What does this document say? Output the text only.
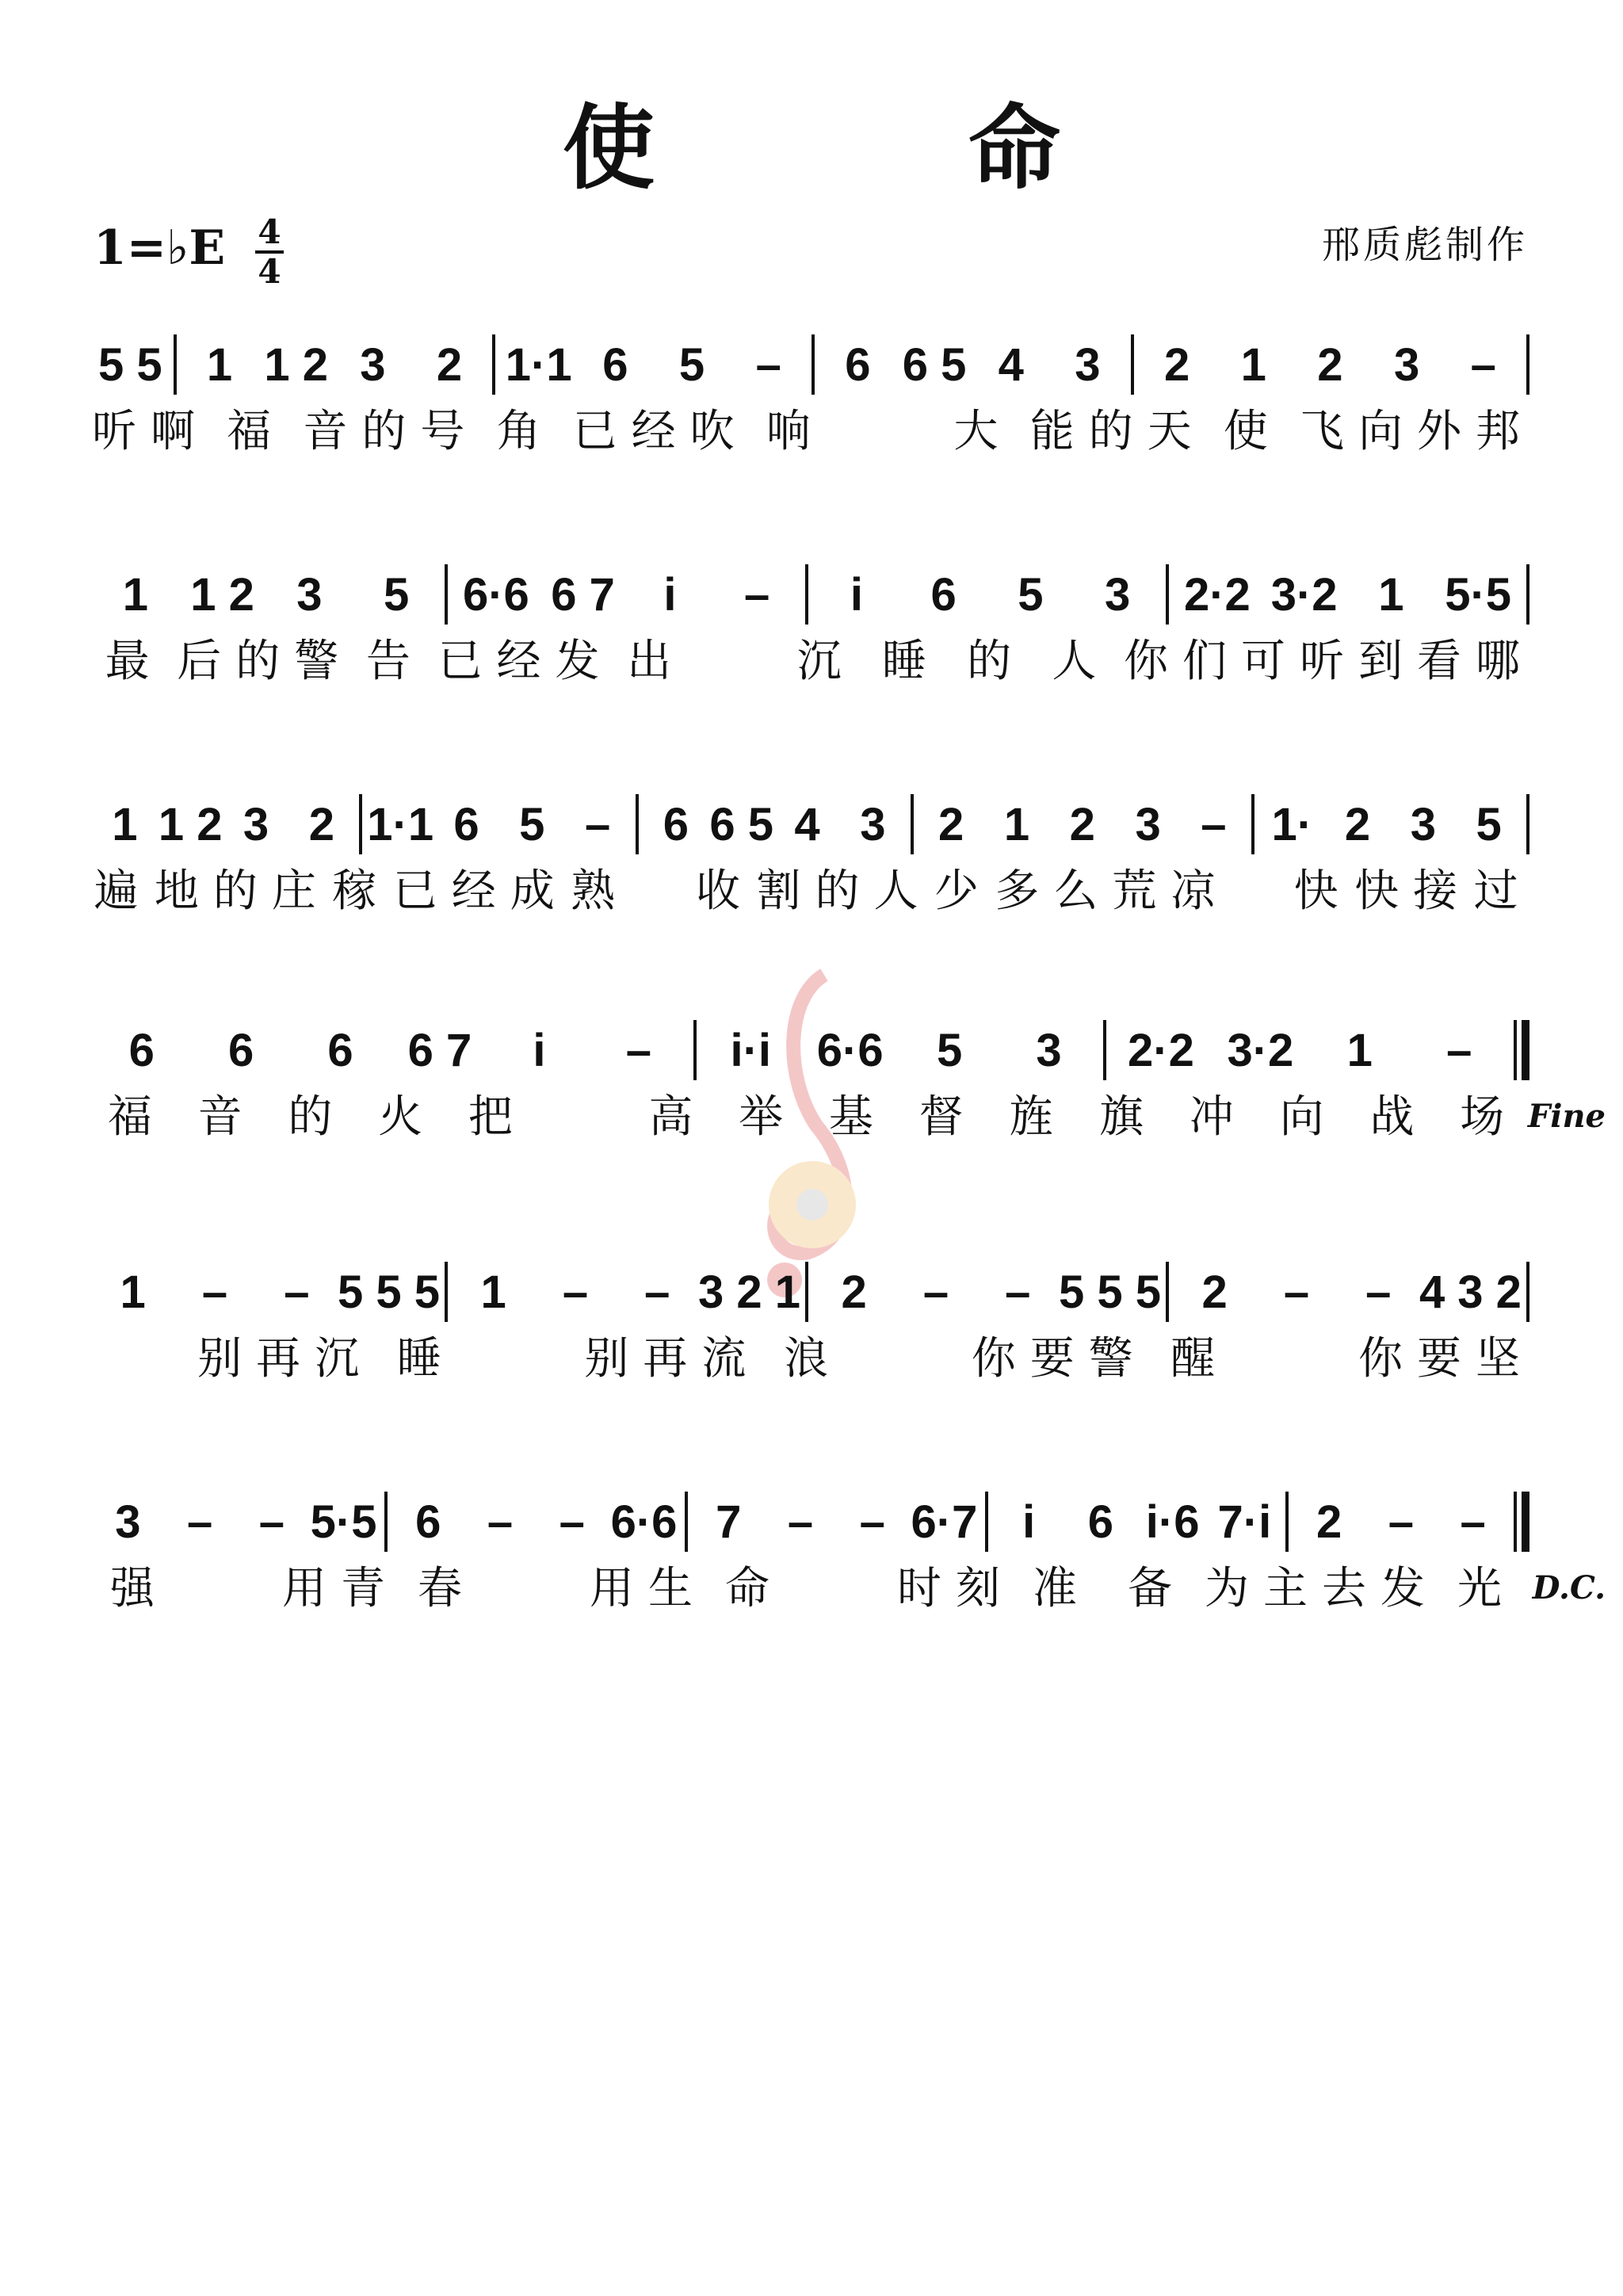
使　命
1=♭E 4
4
邢质彪制作
5 5 1 1 2 3	2 1·1 6	5	–	6 6 5 4	3	2	1	2	3	–
听啊 福 音的号 角 已经吹 响	大 能的天 使 飞向 外邦
1 1 2 3	5	6·6 6 7	i	–	i	6	5	3	2·2 3·2 1 5·5
最 后的警 告 已经发 出	沉 睡 的 人 你们可 听到 看哪
1 1 2 3 2 1·1 6 5 –	6 6 5 4 3	2 1 2 3 – 1· 2 3 5
遍 地的庄 稼 已经成 熟 收 割的人 少 多么 荒凉 快 快接 过
6	6	6	6 7	i	–	i·i 6·6	5	3	2·2 3·2	1	–
福 音 的 火 把	高 举 基 督 旌 旗 冲 向 战 场 Fine
1	–	– 5 5 5 1	–	– 3 2 1 2	–	– 5 5 5 2	–	– 4 3 2
别再沉 睡	别再流 浪	你要警 醒	你要坚
3	–	– 5·5 6	–	– 6·6 7	–	– 6·7 i	6 i·6 7·i 2	–	–
强	用青 春	用生 命	时刻 准 备 为主去发 光 D.C.
